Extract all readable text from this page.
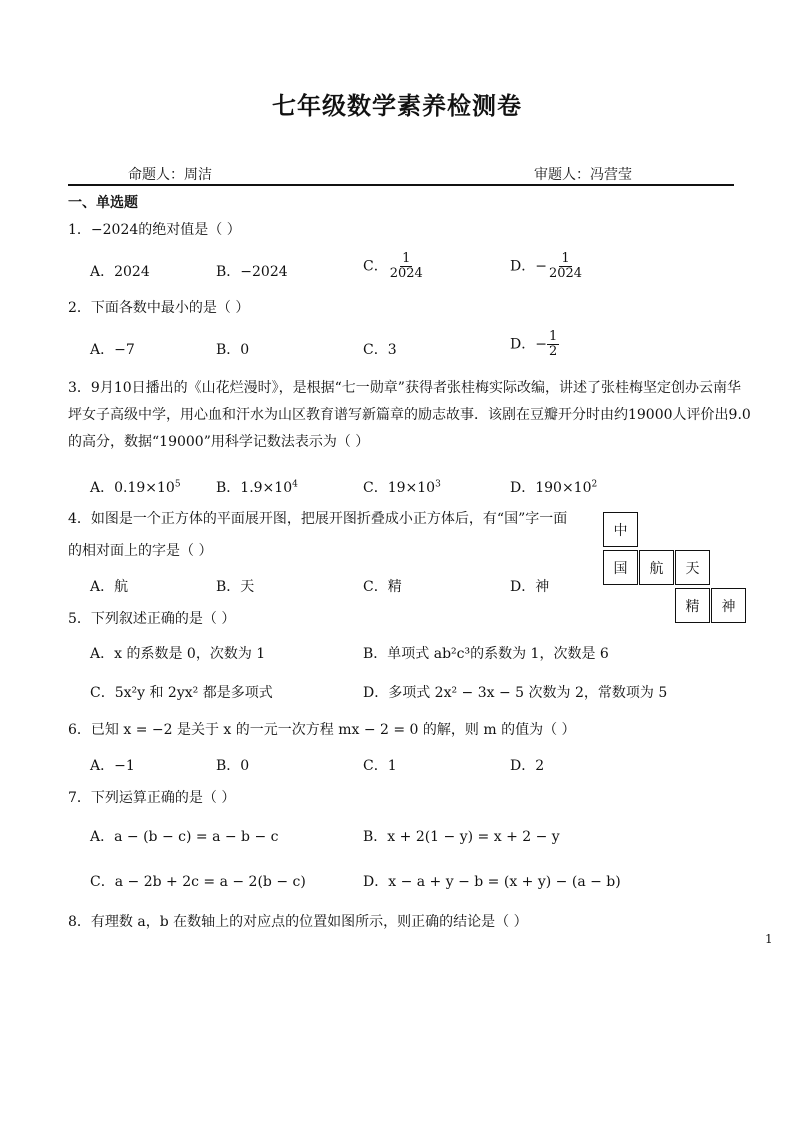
七年级数学素养检测卷
命题人：周洁	审题人：冯营莹
一、单选题
1．−2024的绝对值是（ ）
A．2024	B．−2024	C． $\frac{1}{2024}$	D．− $\frac{1}{2024}$
2．下面各数中最小的是（ ）
A．−7	B．0	C．3	D．− $\frac{1}{2}$
3．9月10日播出的《山花烂漫时》，是根据“七一勋章”获得者张桂梅实际改编，讲述了张桂梅坚定创办云南华坪女子高级中学，用心血和汗水为山区教育谱写新篇章的励志故事．该剧在豆瓣开分时由约19000人评价出9.0的高分，数据“19000”用科学记数法表示为（ ）
A．$0.19\times 10^5$	B．$1.9\times 10^4$	C．$19\times 10^3$	D．$190\times 10^2$
4．如图是一个正方体的平面展开图，把展开图折叠成小正方体后，有“国”字一面
的相对面上的字是（ ）
A．航	B．天	C．精	D．神
中
国	航	天
精	神
5．下列叙述正确的是（ ）
A．x 的系数是 0，次数为 1	B．单项式 ab²c³的系数为 1，次数是 6
C．5x²y 和 2yx² 都是多项式	D．多项式 2x² − 3x − 5 次数为 2，常数项为 5
6．已知 x = −2 是关于 x 的一元一次方程 mx − 2 = 0 的解，则 m 的值为（ ）
A．−1	B．0	C．1	D．2
7．下列运算正确的是（ ）
A．a − (b − c) = a − b − c	B．x + 2(1 − y) = x + 2 − y
C．a − 2b + 2c = a − 2(b − c)	D．x − a + y − b = (x + y) − (a − b)
8．有理数 a，b 在数轴上的对应点的位置如图所示，则正确的结论是（ ）
1
